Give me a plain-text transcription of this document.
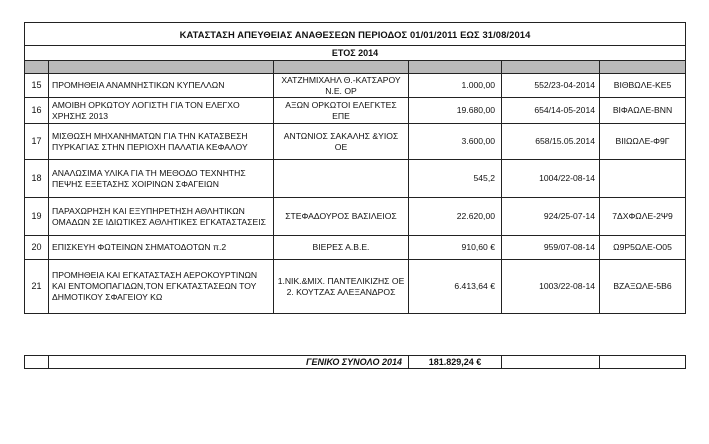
ΚΑΤΑΣΤΑΣΗ ΑΠΕΥΘΕΙΑΣ ΑΝΑΘΕΣΕΩΝ ΠΕΡΙΟΔΟΣ 01/01/2011 ΕΩΣ 31/08/2014					
ΕΤΟΣ 2014					

15	ΠΡΟΜΗΘΕΙΑ ΑΝΑΜΝΗΣΤΙΚΩΝ ΚΥΠΕΛΛΩΝ	ΧΑΤΖΗΜΙΧΑΗΛ Θ.-ΚΑΤΣΑΡΟΥ Ν.Ε. ΟΡ	1.000,00	552/23-04-2014	ΒΙΘΒΩΛΕ-ΚΕ5
16	ΑΜΟΙΒΗ ΟΡΚΩΤΟΥ ΛΟΓΙΣΤΗ ΓΙΑ ΤΟΝ ΕΛΕΓΧΟ ΧΡΗΣΗΣ 2013	ΑΞΩΝ ΟΡΚΩΤΟΙ ΕΛΕΓΚΤΕΣ ΕΠΕ	19.680,00	654/14-05-2014	ΒΙΦΑΩΛΕ-ΒΝΝ
17	ΜΙΣΘΩΣΗ ΜΗΧΑΝΗΜΑΤΩΝ ΓΙΑ ΤΗΝ ΚΑΤΑΣΒΕΣΗ ΠΥΡΚΑΓΙΑΣ ΣΤΗΝ ΠΕΡΙΟΧΗ ΠΑΛΑΤΙΑ ΚΕΦΑΛΟΥ	ΑΝΤΩΝΙΟΣ ΣΑΚΑΛΗΣ &ΥΙΟΣ ΟΕ	3.600,00	658/15.05.2014	ΒΙΙΩΩΛΕ-Φ9Γ
18	ΑΝΑΛΩΣΙΜΑ ΥΛΙΚΑ ΓΙΑ ΤΗ ΜΕΘΟΔΟ ΤΕΧΝΗΤΗΣ ΠΕΨΗΣ ΕΞΕΤΑΣΗΣ ΧΟΙΡΙΝΩΝ ΣΦΑΓΕΙΩΝ		545,2	1004/22-08-14	
19	ΠΑΡΑΧΩΡΗΣΗ ΚΑΙ ΕΞΥΠΗΡΕΤΗΣΗ ΑΘΛΗΤΙΚΩΝ ΟΜΑΔΩΝ ΣΕ ΙΔΙΩΤΙΚΕΣ ΑΘΛΗΤΙΚΕΣ ΕΓΚΑΤΑΣΤΑΣΕΙΣ	ΣΤΕΦΑΔΟΥΡΟΣ ΒΑΣΙΛΕΙΟΣ	22.620,00	924/25-07-14	7ΔΧΦΩΛΕ-2Ψ9
20	ΕΠΙΣΚΕΥΗ ΦΩΤΕΙΝΩΝ ΣΗΜΑΤΟΔΟΤΩΝ π.2	ΒΙΕΡΕΣ Α.Β.Ε.	910,60 €	959/07-08-14	Ω9Ρ5ΩΛΕ-Ο05
21	ΠΡΟΜΗΘΕΙΑ ΚΑΙ ΕΓΚΑΤΑΣΤΑΣΗ ΑΕΡΟΚΟΥΡΤΙΝΩΝ ΚΑΙ ΕΝΤΟΜΟΠΑΓΙΔΩΝ,ΤΟΝ ΕΓΚΑΤΑΣΤΑΣΕΩΝ ΤΟΥ ΔΗΜΟΤΙΚΟΥ ΣΦΑΓΕΙΟΥ ΚΩ	1.ΝΙΚ.&ΜΙΧ. ΠΑΝΤΕΛΙΚΙΖΗΣ ΟΕ 2. ΚΟΥΤΖΑΣ ΑΛΕΞΑΝΔΡΟΣ	6.413,64 €	1003/22-08-14	ΒΖΑΞΩΛΕ-5Β6
	ΓΕΝΙΚΟ ΣΥΝΟΛΟ 2014	181.829,24 €		
